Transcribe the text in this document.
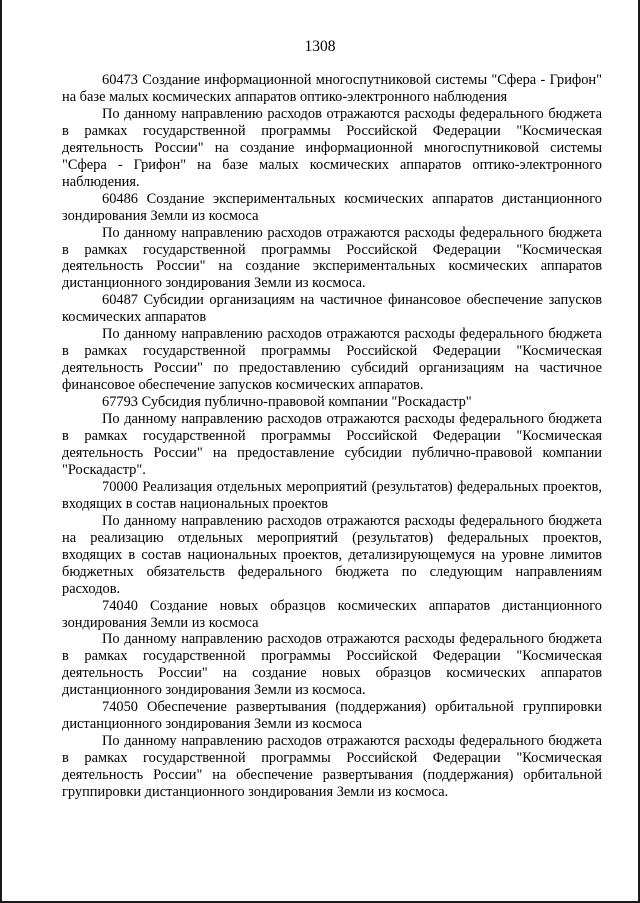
1308

60473 Создание информационной многоспутниковой системы "Сфера - Грифон" на базе малых космических аппаратов оптико-электронного наблюдения

По данному направлению расходов отражаются расходы федерального бюджета в рамках государственной программы Российской Федерации "Космическая деятельность России" на создание информационной многоспутниковой системы "Сфера - Грифон" на базе малых космических аппаратов оптико-электронного наблюдения.

60486 Создание экспериментальных космических аппаратов дистанционного зондирования Земли из космоса

По данному направлению расходов отражаются расходы федерального бюджета в рамках государственной программы Российской Федерации "Космическая деятельность России" на создание экспериментальных космических аппаратов дистанционного зондирования Земли из космоса.

60487 Субсидии организациям на частичное финансовое обеспечение запусков космических аппаратов

По данному направлению расходов отражаются расходы федерального бюджета в рамках государственной программы Российской Федерации "Космическая деятельность России" по предоставлению субсидий организациям на частичное финансовое обеспечение запусков космических аппаратов.

67793 Субсидия публично-правовой компании "Роскадастр"

По данному направлению расходов отражаются расходы федерального бюджета в рамках государственной программы Российской Федерации "Космическая деятельность России" на предоставление субсидии публично-правовой компании "Роскадастр".

70000 Реализация отдельных мероприятий (результатов) федеральных проектов, входящих в состав национальных проектов

По данному направлению расходов отражаются расходы федерального бюджета на реализацию отдельных мероприятий (результатов) федеральных проектов, входящих в состав национальных проектов, детализирующемуся на уровне лимитов бюджетных обязательств федерального бюджета по следующим направлениям расходов.

74040 Создание новых образцов космических аппаратов дистанционного зондирования Земли из космоса

По данному направлению расходов отражаются расходы федерального бюджета в рамках государственной программы Российской Федерации "Космическая деятельность России" на создание новых образцов космических аппаратов дистанционного зондирования Земли из космоса.

74050 Обеспечение развертывания (поддержания) орбитальной группировки дистанционного зондирования Земли из космоса

По данному направлению расходов отражаются расходы федерального бюджета в рамках государственной программы Российской Федерации "Космическая деятельность России" на обеспечение развертывания (поддержания) орбитальной группировки дистанционного зондирования Земли из космоса.
